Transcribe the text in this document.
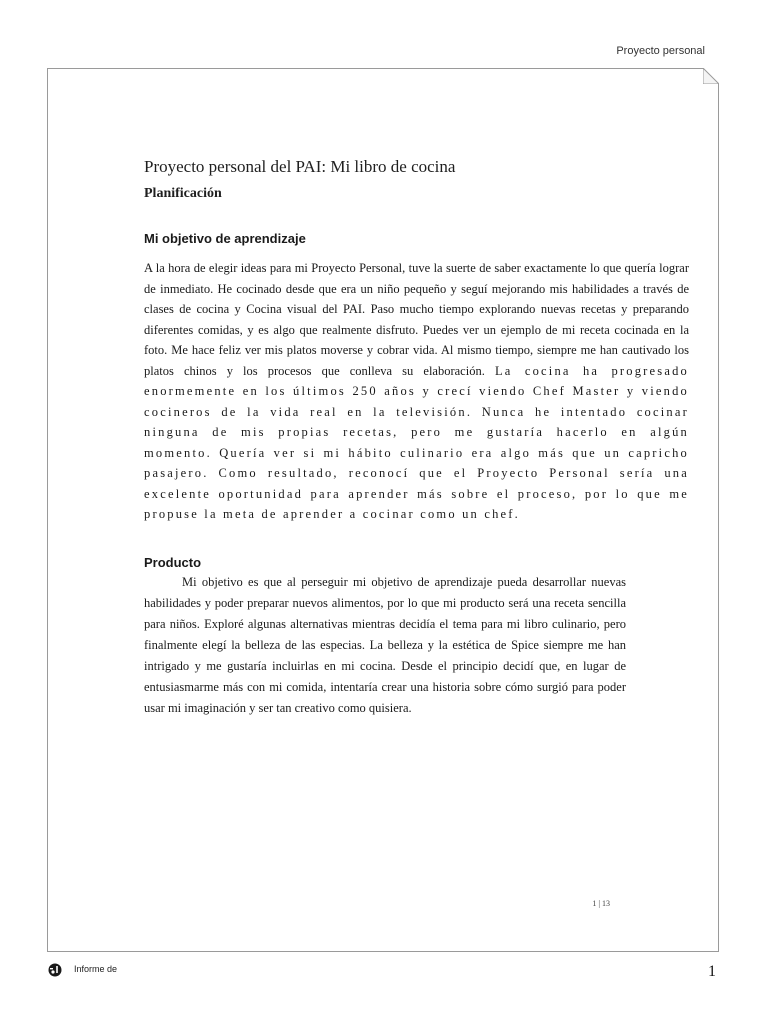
Proyecto personal

Proyecto personal del PAI: Mi libro de cocina
Planificación
Mi objetivo de aprendizaje

A la hora de elegir ideas para mi Proyecto Personal, tuve la suerte de saber exactamente lo que quería lograr de inmediato. He cocinado desde que era un niño pequeño y seguí mejorando mis habilidades a través de clases de cocina y Cocina visual del PAI. Paso mucho tiempo explorando nuevas recetas y preparando diferentes comidas, y es algo que realmente disfruto. Puedes ver un ejemplo de mi receta cocinada en la foto. Me hace feliz ver mis platos moverse y cobrar vida. Al mismo tiempo, siempre me han cautivado los platos chinos y los procesos que conlleva su elaboración. La cocina ha progresado enormemente en los últimos 250 años y crecí viendo Chef Master y viendo cocineros de la vida real en la televisión. Nunca he intentado cocinar ninguna de mis propias recetas, pero me gustaría hacerlo en algún momento. Quería ver si mi hábito culinario era algo más que un capricho pasajero. Como resultado, reconocí que el Proyecto Personal sería una excelente oportunidad para aprender más sobre el proceso, por lo que me propuse la meta de aprender a cocinar como un chef.

Producto

Mi objetivo es que al perseguir mi objetivo de aprendizaje pueda desarrollar nuevas habilidades y poder preparar nuevos alimentos, por lo que mi producto será una receta sencilla para niños. Exploré algunas alternativas mientras decidía el tema para mi libro culinario, pero finalmente elegí la belleza de las especias. La belleza y la estética de Spice siempre me han intrigado y me gustaría incluirlas en mi cocina. Desde el principio decidí que, en lugar de entusiasmarme más con mi comida, intentaría crear una historia sobre cómo surgió para poder usar mi imaginación y ser tan creativo como quisiera.

1 | 13
Informe de	1
